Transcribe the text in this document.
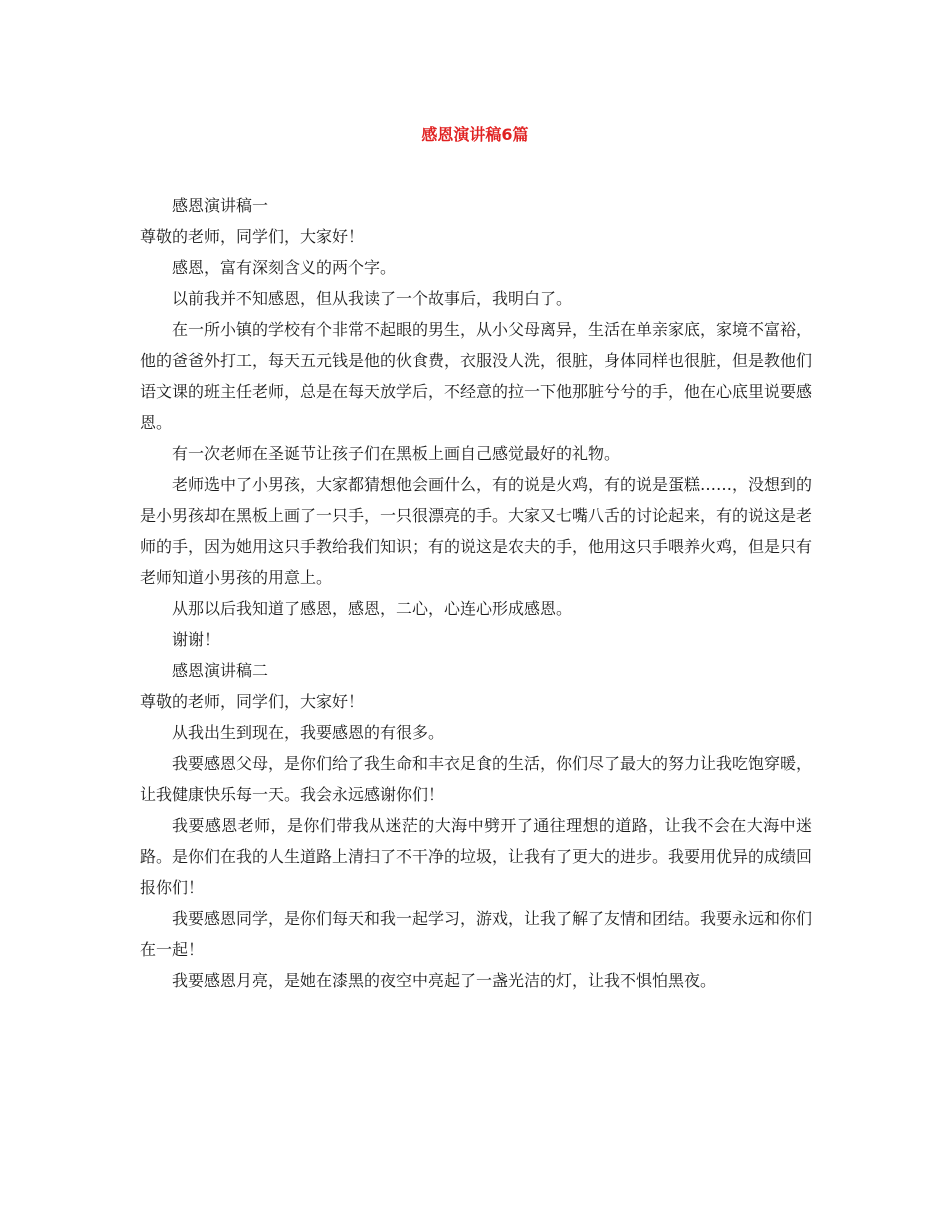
感恩演讲稿6篇

感恩演讲稿一

尊敬的老师，同学们，大家好！

感恩，富有深刻含义的两个字。

以前我并不知感恩，但从我读了一个故事后，我明白了。

在一所小镇的学校有个非常不起眼的男生，从小父母离异，生活在单亲家底，家境不富裕，他的爸爸外打工，每天五元钱是他的伙食费，衣服没人洗，很脏，身体同样也很脏，但是教他们语文课的班主任老师，总是在每天放学后，不经意的拉一下他那脏兮兮的手，他在心底里说要感恩。

有一次老师在圣诞节让孩子们在黑板上画自己感觉最好的礼物。

老师选中了小男孩，大家都猜想他会画什么，有的说是火鸡，有的说是蛋糕……，没想到的是小男孩却在黑板上画了一只手，一只很漂亮的手。大家又七嘴八舌的讨论起来，有的说这是老师的手，因为她用这只手教给我们知识；有的说这是农夫的手，他用这只手喂养火鸡，但是只有老师知道小男孩的用意上。

从那以后我知道了感恩，感恩，二心，心连心形成感恩。

谢谢！

感恩演讲稿二

尊敬的老师，同学们，大家好！

从我出生到现在，我要感恩的有很多。

我要感恩父母，是你们给了我生命和丰衣足食的生活，你们尽了最大的努力让我吃饱穿暖，让我健康快乐每一天。我会永远感谢你们！

我要感恩老师，是你们带我从迷茫的大海中劈开了通往理想的道路，让我不会在大海中迷路。是你们在我的人生道路上清扫了不干净的垃圾，让我有了更大的进步。我要用优异的成绩回报你们！

我要感恩同学，是你们每天和我一起学习，游戏，让我了解了友情和团结。我要永远和你们在一起！

我要感恩月亮，是她在漆黑的夜空中亮起了一盏光洁的灯，让我不惧怕黑夜。
